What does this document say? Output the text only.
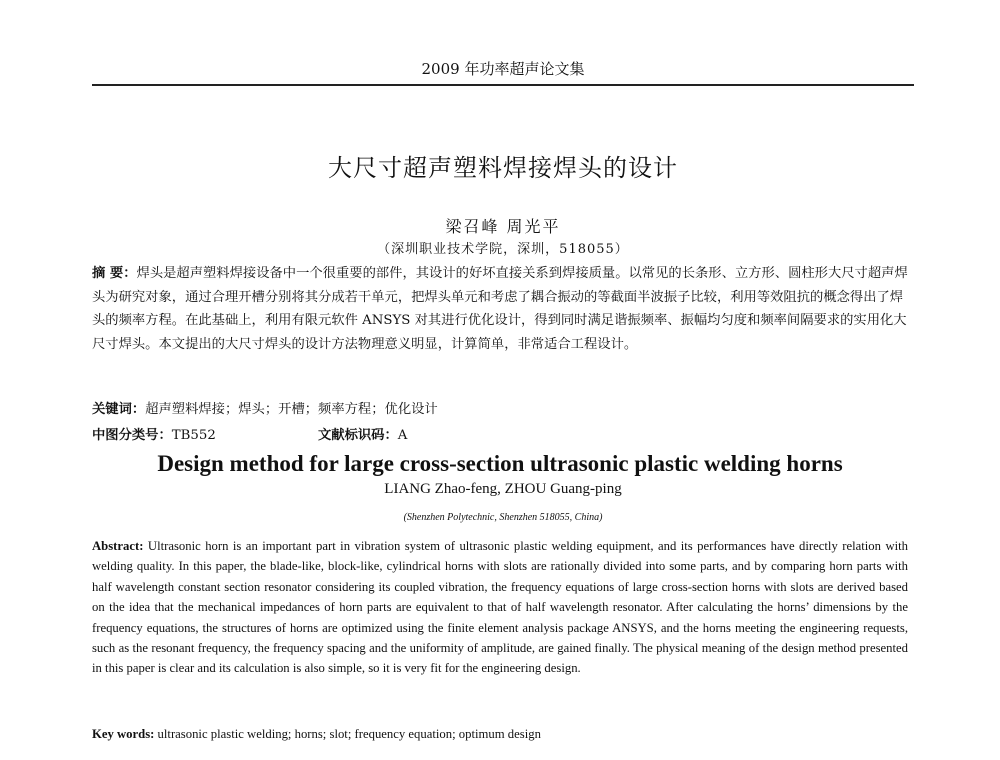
2009 年功率超声论文集
大尺寸超声塑料焊接焊头的设计
梁召峰 周光平
（深圳职业技术学院，深圳，518055）
摘 要：焊头是超声塑料焊接设备中一个很重要的部件，其设计的好坏直接关系到焊接质量。以常见的长条形、立方形、圆柱形大尺寸超声焊头为研究对象，通过合理开槽分别将其分成若干单元，把焊头单元和考虑了耦合振动的等截面半波振子比较，利用等效阻抗的概念得出了焊头的频率方程。在此基础上，利用有限元软件 ANSYS 对其进行优化设计，得到同时满足谐振频率、振幅均匀度和频率间隔要求的实用化大尺寸焊头。本文提出的大尺寸焊头的设计方法物理意义明显，计算简单，非常适合工程设计。
关键词：超声塑料焊接；焊头；开槽；频率方程；优化设计
中图分类号：TB552	文献标识码：A
Design method for large cross-section ultrasonic plastic welding horns
LIANG Zhao-feng, ZHOU Guang-ping
(Shenzhen Polytechnic, Shenzhen 518055, China)
Abstract: Ultrasonic horn is an important part in vibration system of ultrasonic plastic welding equipment, and its performances have directly relation with welding quality. In this paper, the blade-like, block-like, cylindrical horns with slots are rationally divided into some parts, and by comparing horn parts with half wavelength constant section resonator considering its coupled vibration, the frequency equations of large cross-section horns with slots are derived based on the idea that the mechanical impedances of horn parts are equivalent to that of half wavelength resonator. After calculating the horns’ dimensions by the frequency equations, the structures of horns are optimized using the finite element analysis package ANSYS, and the horns meeting the engineering requests, such as the resonant frequency, the frequency spacing and the uniformity of amplitude, are gained finally. The physical meaning of the design method presented in this paper is clear and its calculation is also simple, so it is very fit for the engineering design.
Key words: ultrasonic plastic welding; horns; slot; frequency equation; optimum design
